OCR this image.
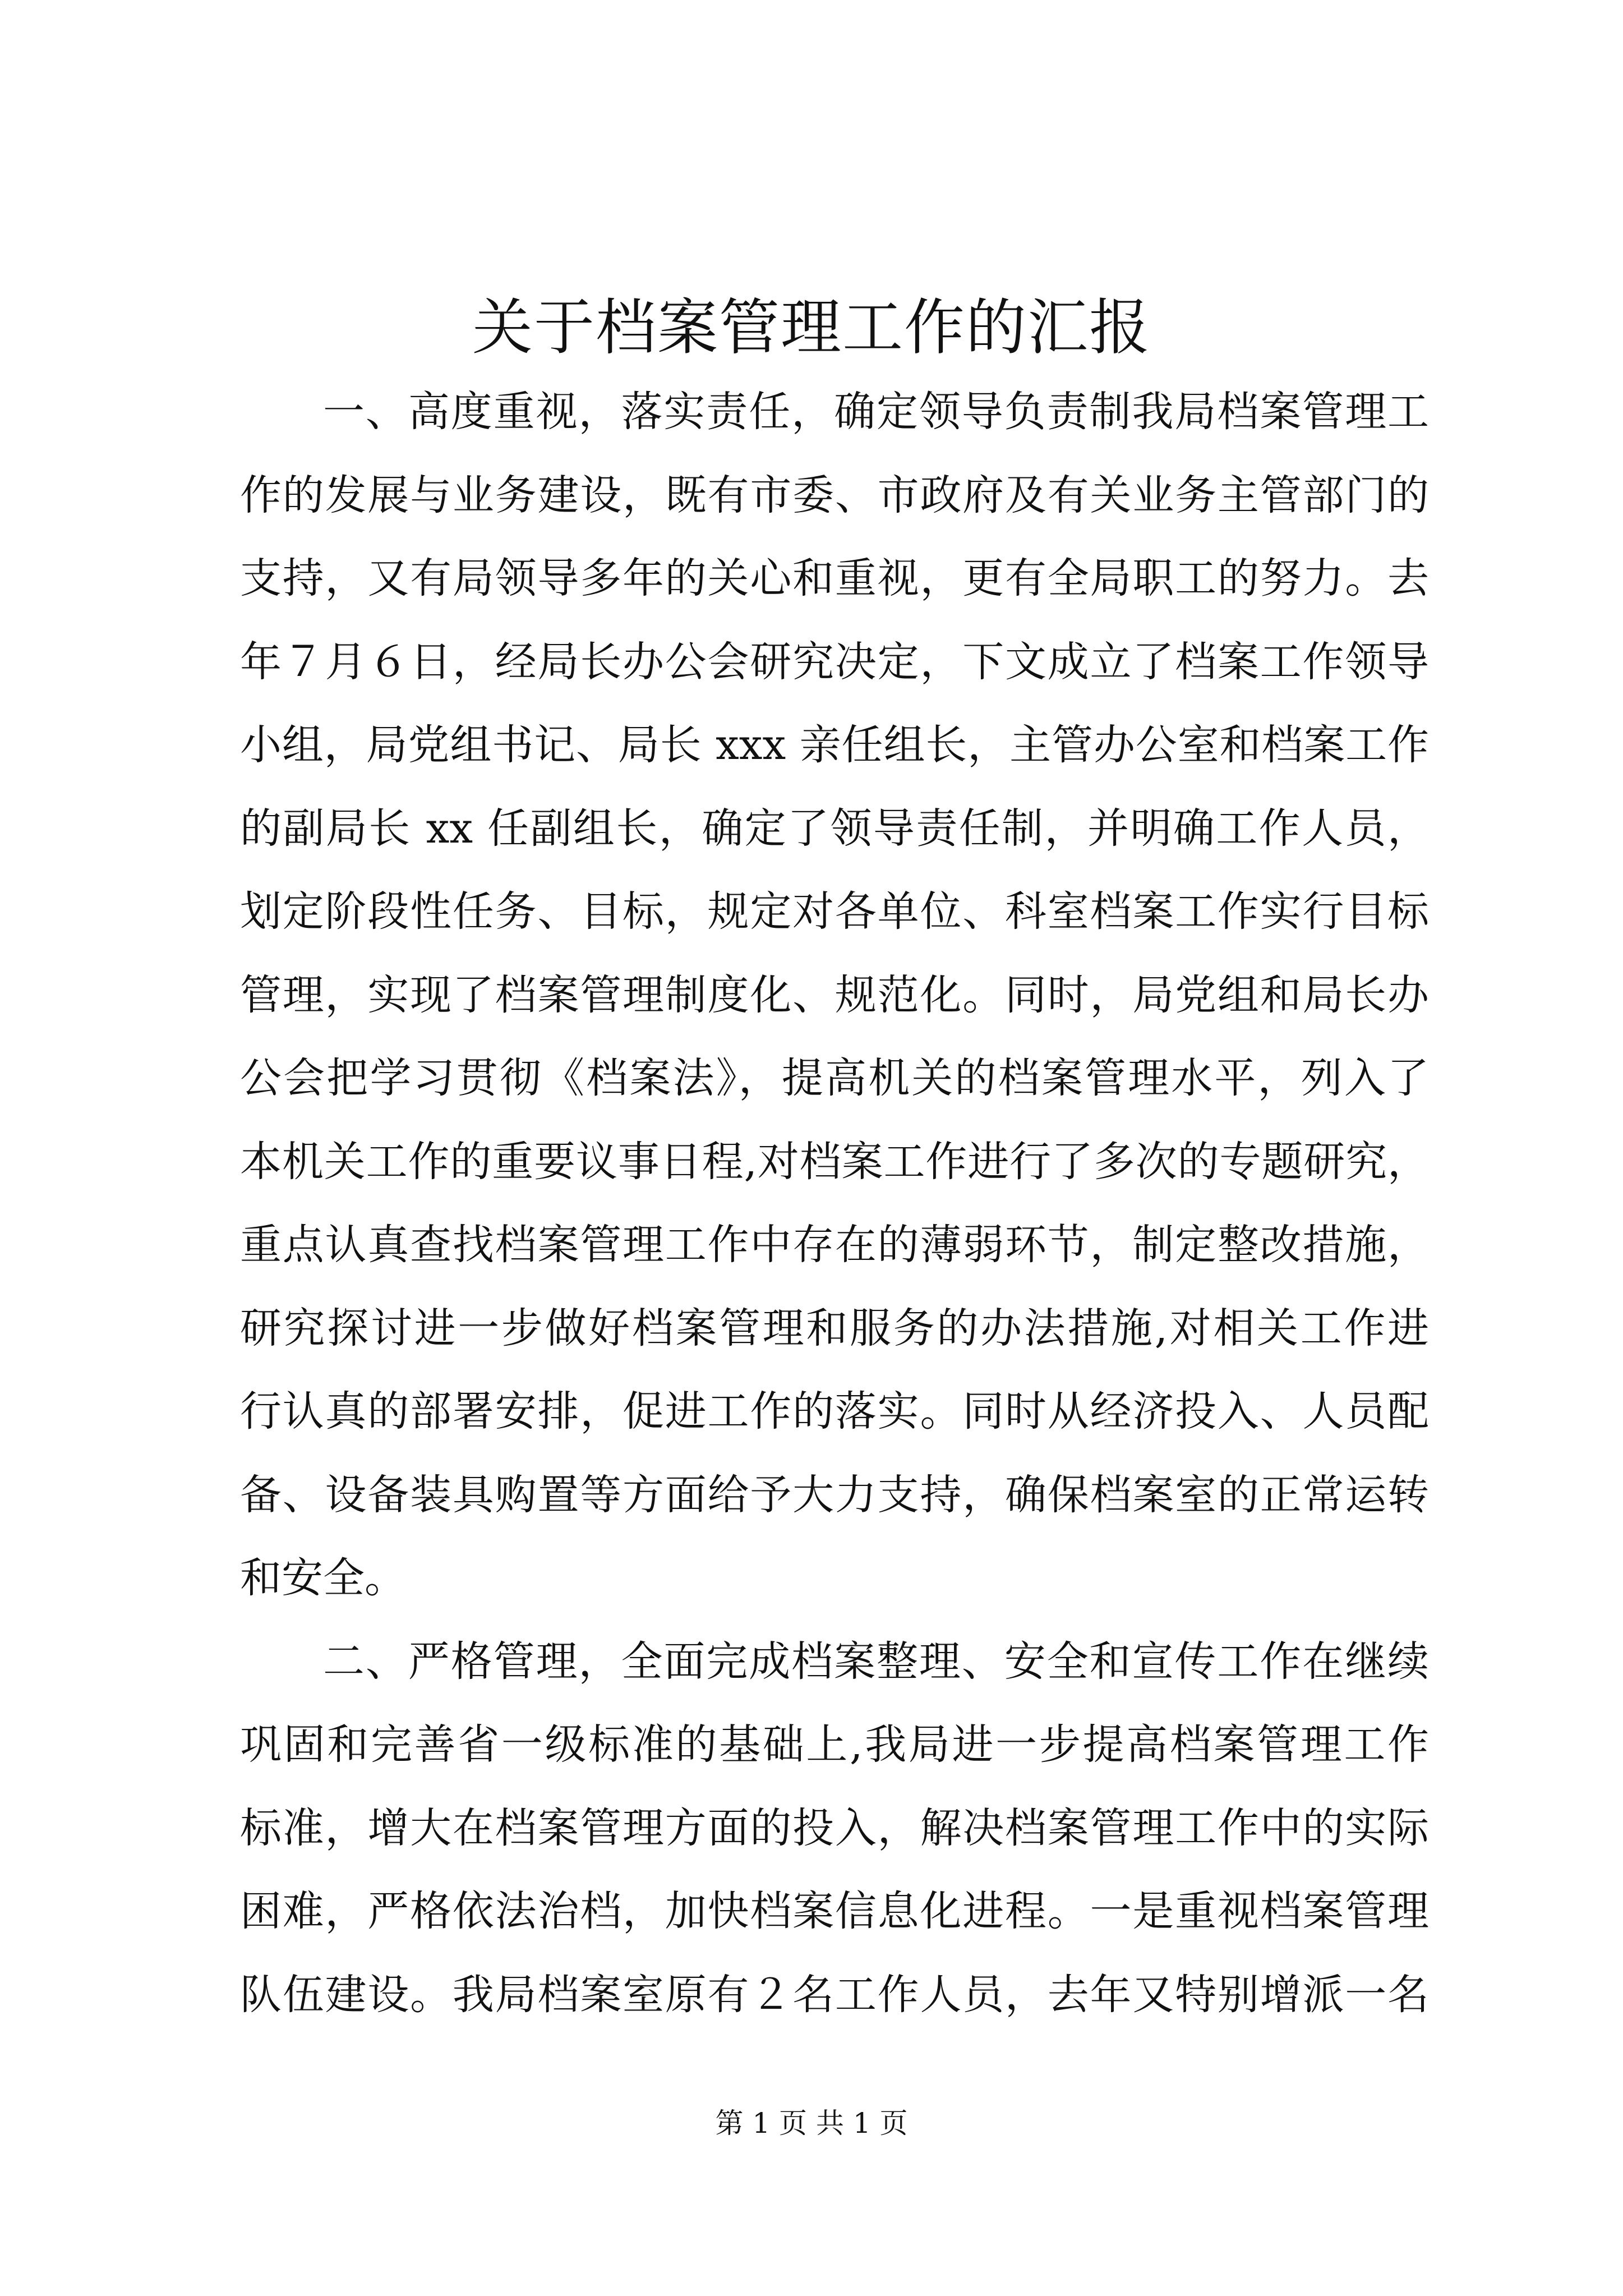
关于档案管理工作的汇报
一、高度重视，落实责任，确定领导负责制我局档案管理工
作的发展与业务建设，既有市委、市政府及有关业务主管部门的
支持，又有局领导多年的关心和重视，更有全局职工的努力。去
年７月６日，经局长办公会研究决定，下文成立了档案工作领导
小组，局党组书记、局长 xxx 亲任组长，主管办公室和档案工作
的副局长 xx 任副组长，确定了领导责任制，并明确工作人员，
划定阶段性任务、目标，规定对各单位、科室档案工作实行目标
管理，实现了档案管理制度化、规范化。同时，局党组和局长办
公会把学习贯彻《档案法》，提高机关的档案管理水平，列入了
本机关工作的重要议事日程,对档案工作进行了多次的专题研究，
重点认真查找档案管理工作中存在的薄弱环节，制定整改措施，
研究探讨进一步做好档案管理和服务的办法措施,对相关工作进
行认真的部署安排，促进工作的落实。同时从经济投入、人员配
备、设备装具购置等方面给予大力支持，确保档案室的正常运转
和安全。
二、严格管理，全面完成档案整理、安全和宣传工作在继续
巩固和完善省一级标准的基础上,我局进一步提高档案管理工作
标准，增大在档案管理方面的投入，解决档案管理工作中的实际
困难，严格依法治档，加快档案信息化进程。一是重视档案管理
队伍建设。我局档案室原有２名工作人员，去年又特别增派一名
第 1 页 共 1 页
